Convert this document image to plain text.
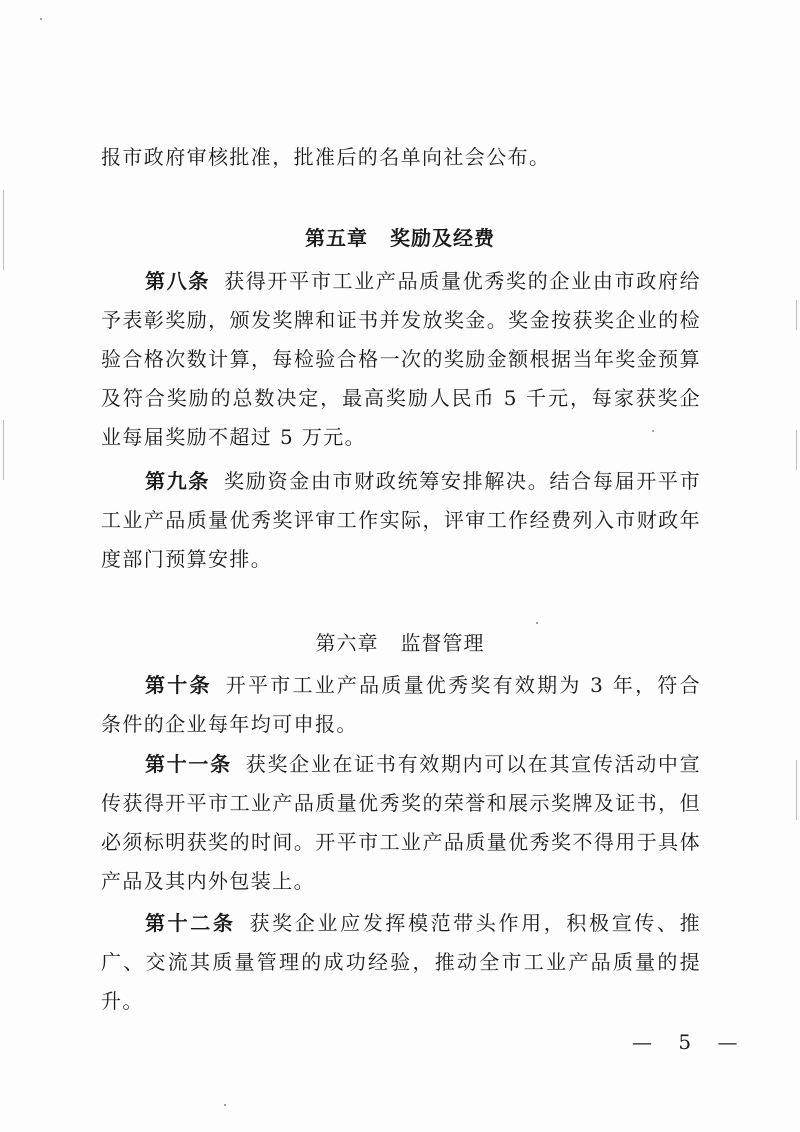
报市政府审核批准，批准后的名单向社会公布。

第五章 奖励及经费

第八条 获得开平市工业产品质量优秀奖的企业由市政府给予表彰奖励，颁发奖牌和证书并发放奖金。奖金按获奖企业的检验合格次数计算，每检验合格一次的奖励金额根据当年奖金预算及符合奖励的总数决定，最高奖励人民币 5 千元，每家获奖企业每届奖励不超过 5 万元。

第九条 奖励资金由市财政统筹安排解决。结合每届开平市工业产品质量优秀奖评审工作实际，评审工作经费列入市财政年度部门预算安排。

第六章 监督管理

第十条 开平市工业产品质量优秀奖有效期为 3 年，符合条件的企业每年均可申报。

第十一条 获奖企业在证书有效期内可以在其宣传活动中宣传获得开平市工业产品质量优秀奖的荣誉和展示奖牌及证书，但必须标明获奖的时间。开平市工业产品质量优秀奖不得用于具体产品及其内外包装上。

第十二条 获奖企业应发挥模范带头作用，积极宣传、推广、交流其质量管理的成功经验，推动全市工业产品质量的提升。

— 5 —
